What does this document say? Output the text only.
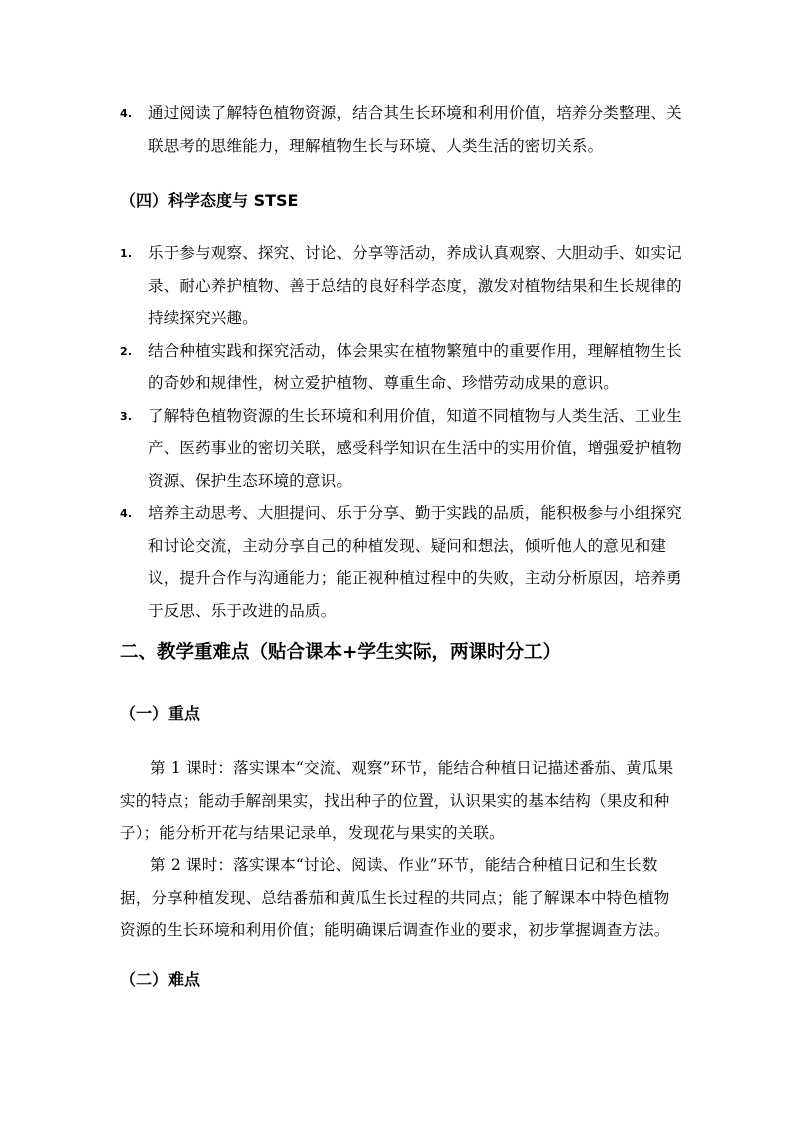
4. 通过阅读了解特色植物资源，结合其生长环境和利用价值，培养分类整理、关联思考的思维能力，理解植物生长与环境、人类生活的密切关系。
（四）科学态度与 STSE
1. 乐于参与观察、探究、讨论、分享等活动，养成认真观察、大胆动手、如实记录、耐心养护植物、善于总结的良好科学态度，激发对植物结果和生长规律的持续探究兴趣。
2. 结合种植实践和探究活动，体会果实在植物繁殖中的重要作用，理解植物生长的奇妙和规律性，树立爱护植物、尊重生命、珍惜劳动成果的意识。
3. 了解特色植物资源的生长环境和利用价值，知道不同植物与人类生活、工业生产、医药事业的密切关联，感受科学知识在生活中的实用价值，增强爱护植物资源、保护生态环境的意识。
4. 培养主动思考、大胆提问、乐于分享、勤于实践的品质，能积极参与小组探究和讨论交流，主动分享自己的种植发现、疑问和想法，倾听他人的意见和建议，提升合作与沟通能力；能正视种植过程中的失败，主动分析原因，培养勇于反思、乐于改进的品质。
二、教学重难点（贴合课本+学生实际，两课时分工）
（一）重点

第 1 课时：落实课本“交流、观察”环节，能结合种植日记描述番茄、黄瓜果实的特点；能动手解剖果实，找出种子的位置，认识果实的基本结构（果皮和种子）；能分析开花与结果记录单，发现花与果实的关联。

第 2 课时：落实课本“讨论、阅读、作业”环节，能结合种植日记和生长数据，分享种植发现、总结番茄和黄瓜生长过程的共同点；能了解课本中特色植物资源的生长环境和利用价值；能明确课后调查作业的要求，初步掌握调查方法。

（二）难点
